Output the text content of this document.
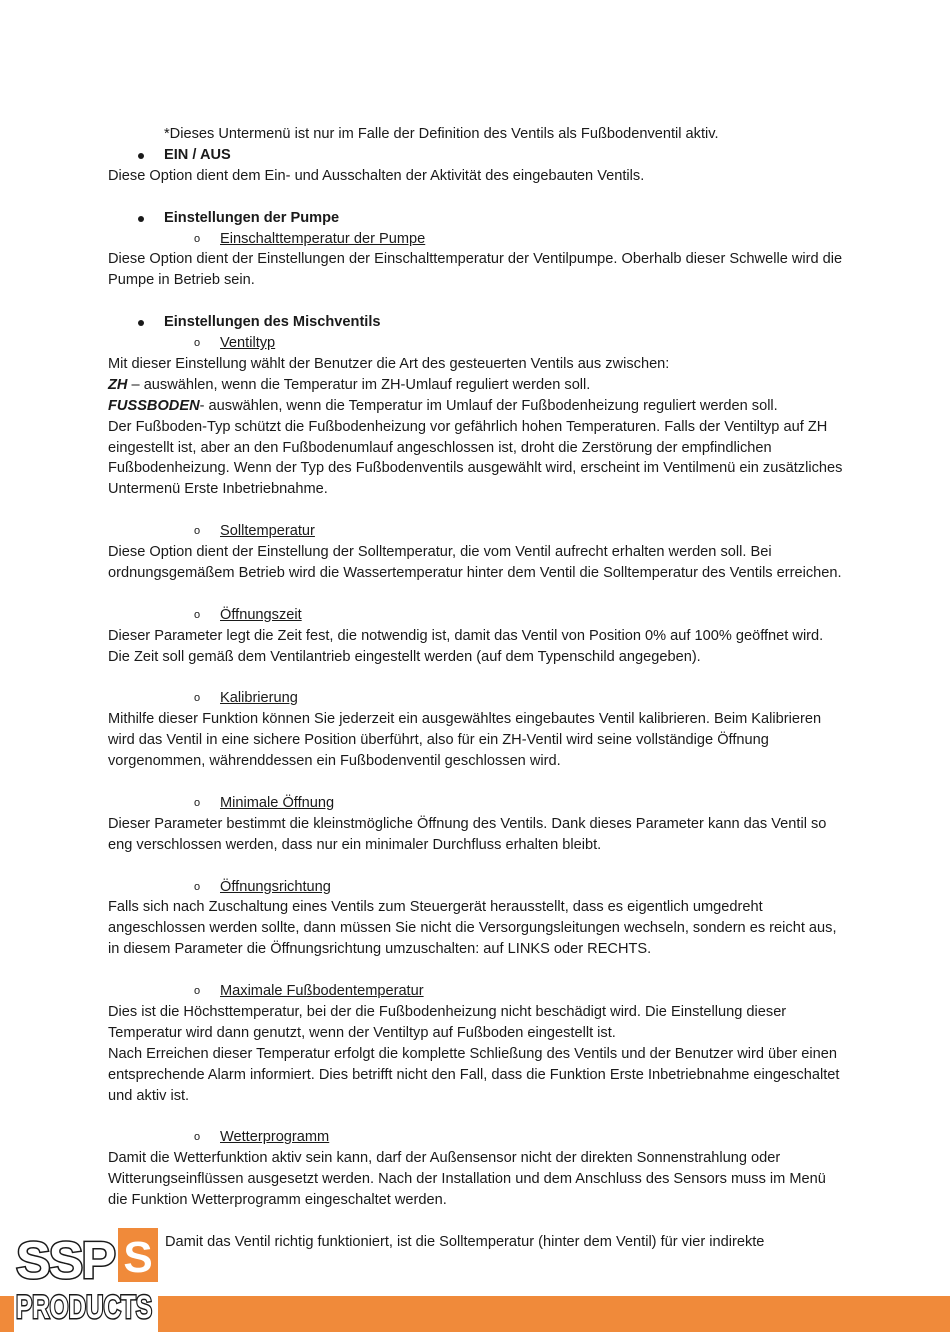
*Dieses Untermenü ist nur im Falle der Definition des Ventils als Fußbodenventil aktiv.

EIN / AUS

Diese Option dient dem Ein- und Ausschalten der Aktivität des eingebauten Ventils.

Einstellungen der Pumpe

o Einschalttemperatur der Pumpe

Diese Option dient der Einstellungen der Einschalttemperatur der Ventilpumpe. Oberhalb dieser Schwelle wird die Pumpe in Betrieb sein.

Einstellungen des Mischventils

o Ventiltyp

Mit dieser Einstellung wählt der Benutzer die Art des gesteuerten Ventils aus zwischen:

ZH – auswählen, wenn die Temperatur im ZH-Umlauf reguliert werden soll.

FUSSBODEN- auswählen, wenn die Temperatur im Umlauf der Fußbodenheizung reguliert werden soll.

Der Fußboden-Typ schützt die Fußbodenheizung vor gefährlich hohen Temperaturen. Falls der Ventiltyp auf ZH eingestellt ist, aber an den Fußbodenumlauf angeschlossen ist, droht die Zerstörung der empfindlichen Fußbodenheizung. Wenn der Typ des Fußbodenventils ausgewählt wird, erscheint im Ventilmenü ein zusätzliches Untermenü Erste Inbetriebnahme.

o Solltemperatur

Diese Option dient der Einstellung der Solltemperatur, die vom Ventil aufrecht erhalten werden soll. Bei ordnungsgemäßem Betrieb wird die Wassertemperatur hinter dem Ventil die Solltemperatur des Ventils erreichen.

o Öffnungszeit

Dieser Parameter legt die Zeit fest, die notwendig ist, damit das Ventil von Position 0% auf 100% geöffnet wird. Die Zeit soll gemäß dem Ventilantrieb eingestellt werden (auf dem Typenschild angegeben).

o Kalibrierung

Mithilfe dieser Funktion können Sie jederzeit ein ausgewähltes eingebautes Ventil kalibrieren. Beim Kalibrieren wird das Ventil in eine sichere Position überführt, also für ein ZH-Ventil wird seine vollständige Öffnung vorgenommen, währenddessen ein Fußbodenventil geschlossen wird.

o Minimale Öffnung

Dieser Parameter bestimmt die kleinstmögliche Öffnung des Ventils. Dank dieses Parameter kann das Ventil so eng verschlossen werden, dass nur ein minimaler Durchfluss erhalten bleibt.

o Öffnungsrichtung

Falls sich nach Zuschaltung eines Ventils zum Steuergerät herausstellt, dass es eigentlich umgedreht angeschlossen werden sollte, dann müssen Sie nicht die Versorgungsleitungen wechseln, sondern es reicht aus, in diesem Parameter die Öffnungsrichtung umzuschalten: auf LINKS oder RECHTS.

o Maximale Fußbodentemperatur

Dies ist die Höchsttemperatur, bei der die Fußbodenheizung nicht beschädigt wird. Die Einstellung dieser Temperatur wird dann genutzt, wenn der Ventiltyp auf Fußboden eingestellt ist.

Nach Erreichen dieser Temperatur erfolgt die komplette Schließung des Ventils und der Benutzer wird über einen entsprechende Alarm informiert. Dies betrifft nicht den Fall, dass die Funktion Erste Inbetriebnahme eingeschaltet und aktiv ist.

o Wetterprogramm

Damit die Wetterfunktion aktiv sein kann, darf der Außensensor nicht der direkten Sonnenstrahlung oder Witterungseinflüssen ausgesetzt werden. Nach der Installation und dem Anschluss des Sensors muss im Menü die Funktion Wetterprogramm eingeschaltet werden.

S
SSP
PRODUCTS

Damit das Ventil richtig funktioniert, ist die Solltemperatur (hinter dem Ventil) für vier indirekte
